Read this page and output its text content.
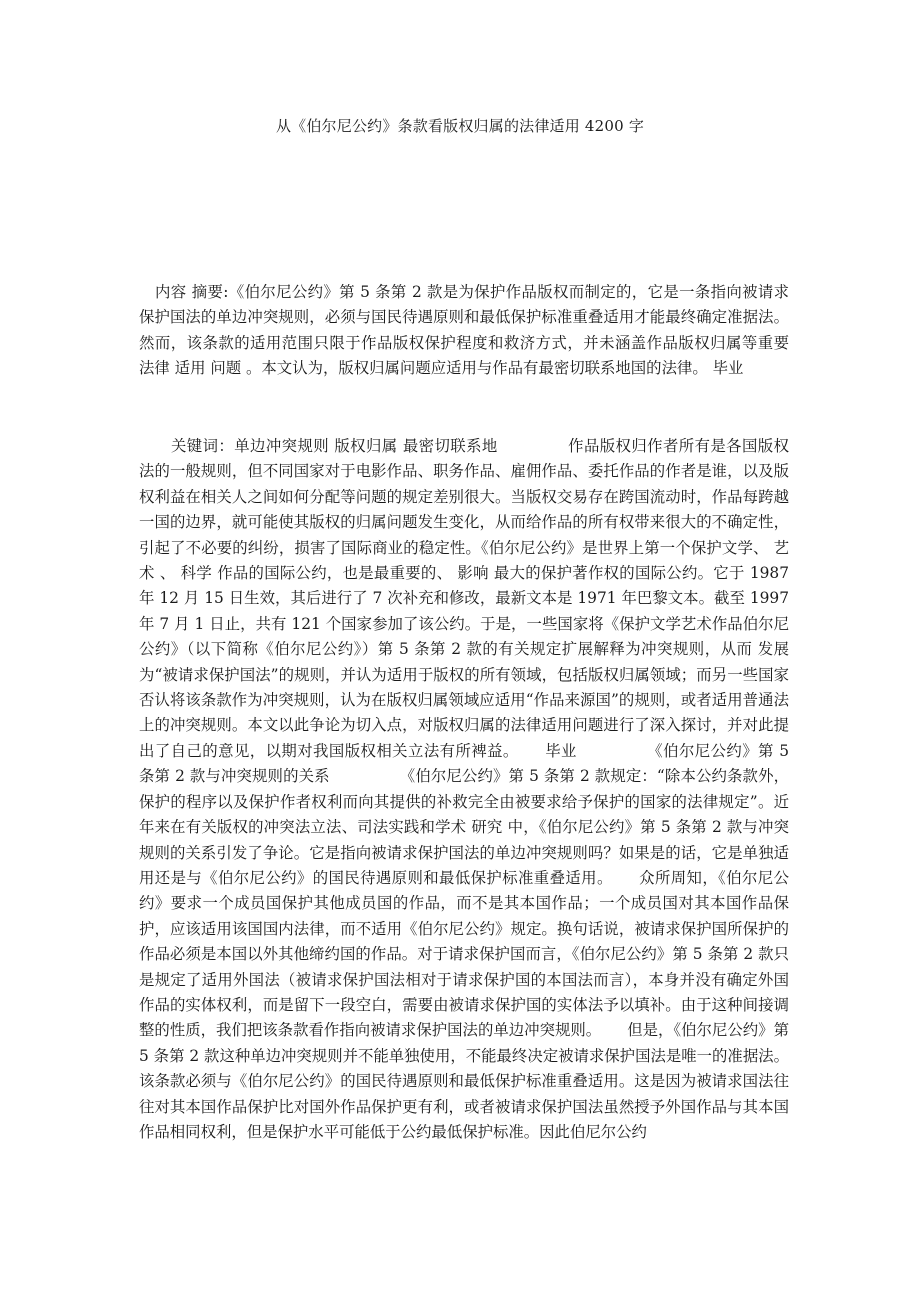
从《伯尔尼公约》条款看版权归属的法律适用 4200 字

内容 摘要:《伯尔尼公约》第 5 条第 2 款是为保护作品版权而制定的，它是一条指向被请求保护国法的单边冲突规则，必须与国民待遇原则和最低保护标准重叠适用才能最终确定准据法。然而，该条款的适用范围只限于作品版权保护程度和救济方式，并未涵盖作品版权归属等重要 法律 适用 问题 。本文认为，版权归属问题应适用与作品有最密切联系地国的法律。 毕业

关键词：单边冲突规则 版权归属 最密切联系地	作品版权归作者所有是各国版权法的一般规则，但不同国家对于电影作品、职务作品、雇佣作品、委托作品的作者是谁，以及版权利益在相关人之间如何分配等问题的规定差别很大。当版权交易存在跨国流动时，作品每跨越一国的边界，就可能使其版权的归属问题发生变化，从而给作品的所有权带来很大的不确定性，引起了不必要的纠纷，损害了国际商业的稳定性。《伯尔尼公约》是世界上第一个保护文学、 艺术 、 科学 作品的国际公约，也是最重要的、 影响 最大的保护著作权的国际公约。它于 1987 年 12 月 15 日生效，其后进行了 7 次补充和修改，最新文本是 1971 年巴黎文本。截至 1997 年 7 月 1 日止，共有 121 个国家参加了该公约。于是，一些国家将《保护文学艺术作品伯尔尼公约》（以下简称《伯尔尼公约》）第 5 条第 2 款的有关规定扩展解释为冲突规则，从而 发展 为“被请求保护国法”的规则，并认为适用于版权的所有领域，包括版权归属领域；而另一些国家否认将该条款作为冲突规则，认为在版权归属领域应适用“作品来源国”的规则，或者适用普通法上的冲突规则。本文以此争论为切入点，对版权归属的法律适用问题进行了深入探讨，并对此提出了自己的意见，以期对我国版权相关立法有所裨益。 毕业	《伯尔尼公约》第 5 条第 2 款与冲突规则的关系	《伯尔尼公约》第 5 条第 2 款规定：“除本公约条款外，保护的程序以及保护作者权利而向其提供的补救完全由被要求给予保护的国家的法律规定”。近年来在有关版权的冲突法立法、司法实践和学术 研究 中，《伯尔尼公约》第 5 条第 2 款与冲突规则的关系引发了争论。它是指向被请求保护国法的单边冲突规则吗？如果是的话，它是单独适用还是与《伯尔尼公约》的国民待遇原则和最低保护标准重叠适用。 众所周知，《伯尔尼公约》要求一个成员国保护其他成员国的作品，而不是其本国作品；一个成员国对其本国作品保护，应该适用该国国内法律，而不适用《伯尔尼公约》规定。换句话说，被请求保护国所保护的作品必须是本国以外其他缔约国的作品。对于请求保护国而言，《伯尔尼公约》第 5 条第 2 款只是规定了适用外国法（被请求保护国法相对于请求保护国的本国法而言），本身并没有确定外国作品的实体权利，而是留下一段空白，需要由被请求保护国的实体法予以填补。由于这种间接调整的性质，我们把该条款看作指向被请求保护国法的单边冲突规则。 但是，《伯尔尼公约》第 5 条第 2 款这种单边冲突规则并不能单独使用，不能最终决定被请求保护国法是唯一的准据法。该条款必须与《伯尔尼公约》的国民待遇原则和最低保护标准重叠适用。这是因为被请求国法往往对其本国作品保护比对国外作品保护更有利，或者被请求保护国法虽然授予外国作品与其本国作品相同权利，但是保护水平可能低于公约最低保护标准。因此伯尼尔公约
